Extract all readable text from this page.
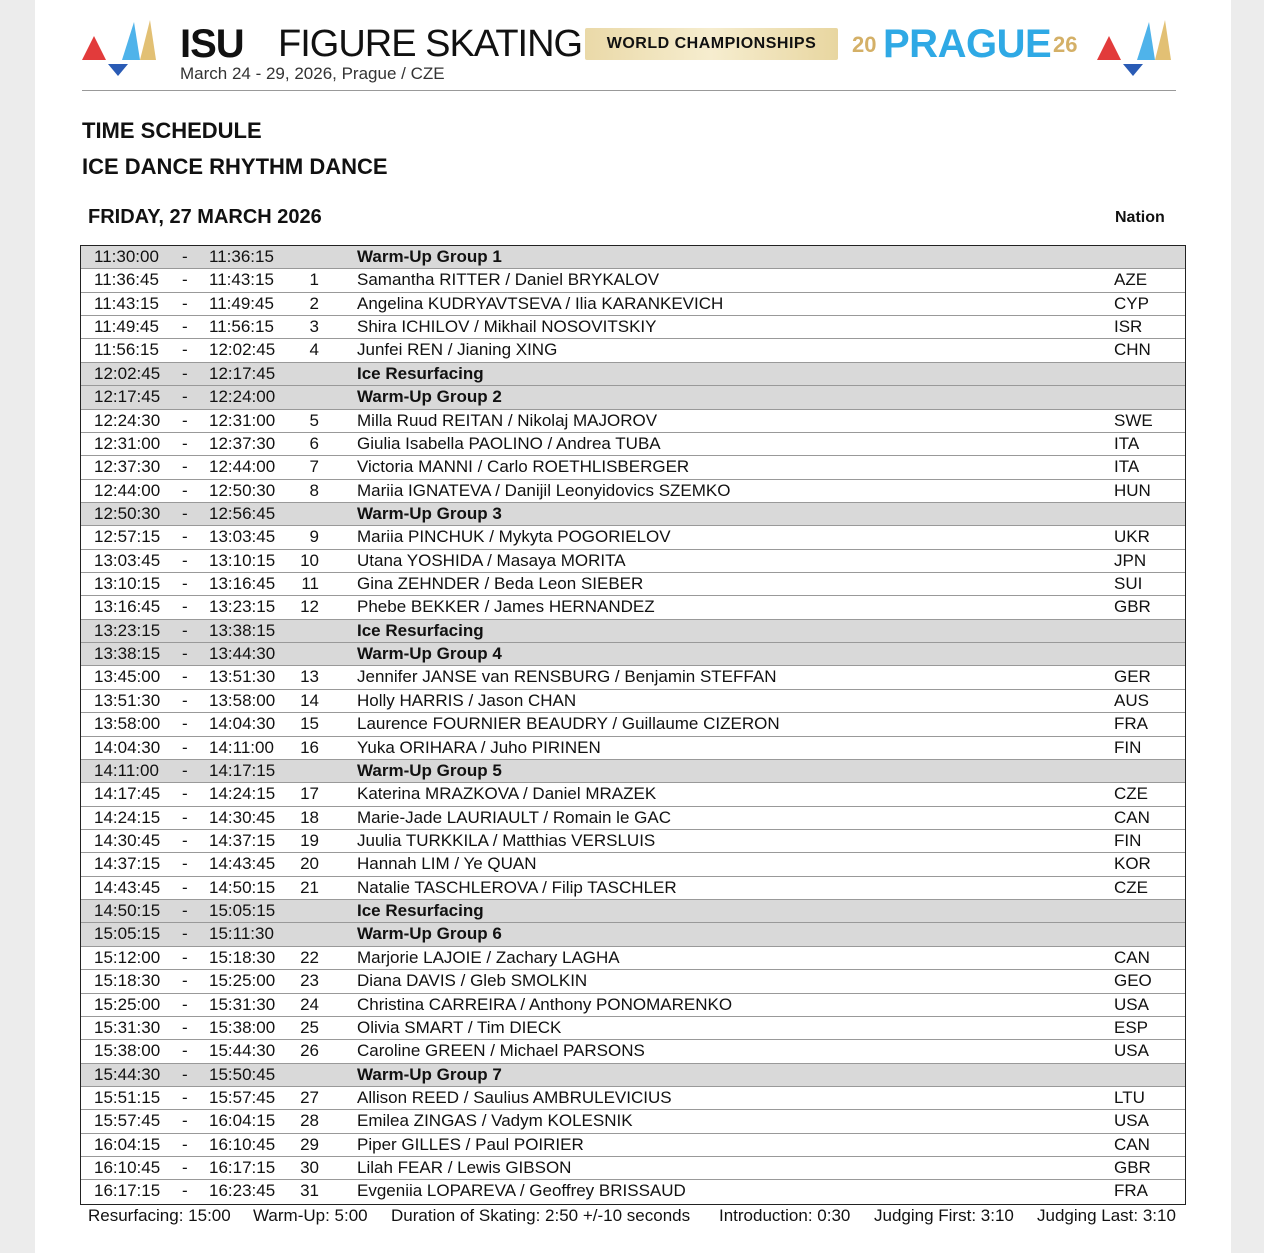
ISU FIGURE SKATING	WORLD CHAMPIONSHIPS	20 PRAGUE 26
March 24 - 29, 2026, Prague / CZE
TIME SCHEDULE
ICE DANCE RHYTHM DANCE
FRIDAY, 27 MARCH 2026	Nation
11:30:00 - 11:36:15	Warm-Up Group 1
11:36:45 - 11:43:15	1 Samantha RITTER / Daniel BRYKALOV	AZE
11:43:15 - 11:49:45	2 Angelina KUDRYAVTSEVA / Ilia KARANKEVICH	CYP
11:49:45 - 11:56:15	3 Shira ICHILOV / Mikhail NOSOVITSKIY	ISR
11:56:15 - 12:02:45	4 Junfei REN / Jianing XING	CHN
12:02:45 - 12:17:45	Ice Resurfacing
12:17:45 - 12:24:00	Warm-Up Group 2
12:24:30 - 12:31:00	5 Milla Ruud REITAN / Nikolaj MAJOROV	SWE
12:31:00 - 12:37:30	6 Giulia Isabella PAOLINO / Andrea TUBA	ITA
12:37:30 - 12:44:00	7 Victoria MANNI / Carlo ROETHLISBERGER	ITA
12:44:00 - 12:50:30	8 Mariia IGNATEVA / Danijil Leonyidovics SZEMKO	HUN
12:50:30 - 12:56:45	Warm-Up Group 3
12:57:15 - 13:03:45	9 Mariia PINCHUK / Mykyta POGORIELOV	UKR
13:03:45 - 13:10:15 10 Utana YOSHIDA / Masaya MORITA	JPN
13:10:15 - 13:16:45	11 Gina ZEHNDER / Beda Leon SIEBER	SUI
13:16:45 - 13:23:15 12 Phebe BEKKER / James HERNANDEZ	GBR
13:23:15 - 13:38:15	Ice Resurfacing
13:38:15 - 13:44:30	Warm-Up Group 4
13:45:00 - 13:51:30 13 Jennifer JANSE van RENSBURG / Benjamin STEFFAN	GER
13:51:30 - 13:58:00 14 Holly HARRIS / Jason CHAN	AUS
13:58:00 - 14:04:30 15 Laurence FOURNIER BEAUDRY / Guillaume CIZERON	FRA
14:04:30 - 14:11:00 16 Yuka ORIHARA / Juho PIRINEN	FIN
14:11:00 - 14:17:15	Warm-Up Group 5
14:17:45 - 14:24:15 17 Katerina MRAZKOVA / Daniel MRAZEK	CZE
14:24:15 - 14:30:45 18 Marie-Jade LAURIAULT / Romain le GAC	CAN
14:30:45 - 14:37:15 19 Juulia TURKKILA / Matthias VERSLUIS	FIN
14:37:15 - 14:43:45 20 Hannah LIM / Ye QUAN	KOR
14:43:45 - 14:50:15 21 Natalie TASCHLEROVA / Filip TASCHLER	CZE
14:50:15 - 15:05:15	Ice Resurfacing
15:05:15 - 15:11:30	Warm-Up Group 6
15:12:00 - 15:18:30 22 Marjorie LAJOIE / Zachary LAGHA	CAN
15:18:30 - 15:25:00 23 Diana DAVIS / Gleb SMOLKIN	GEO
15:25:00 - 15:31:30 24 Christina CARREIRA / Anthony PONOMARENKO	USA
15:31:30 - 15:38:00 25 Olivia SMART / Tim DIECK	ESP
15:38:00 - 15:44:30 26 Caroline GREEN / Michael PARSONS	USA
15:44:30 - 15:50:45	Warm-Up Group 7
15:51:15 - 15:57:45 27 Allison REED / Saulius AMBRULEVICIUS	LTU
15:57:45 - 16:04:15 28 Emilea ZINGAS / Vadym KOLESNIK	USA
16:04:15 - 16:10:45 29 Piper GILLES / Paul POIRIER	CAN
16:10:45 - 16:17:15 30 Lilah FEAR / Lewis GIBSON	GBR
16:17:15 - 16:23:45 31 Evgeniia LOPAREVA / Geoffrey BRISSAUD	FRA
Resurfacing: 15:00 Warm-Up: 5:00 Duration of Skating: 2:50 +/-10 seconds Introduction: 0:30 Judging First: 3:10 Judging Last: 3:10
